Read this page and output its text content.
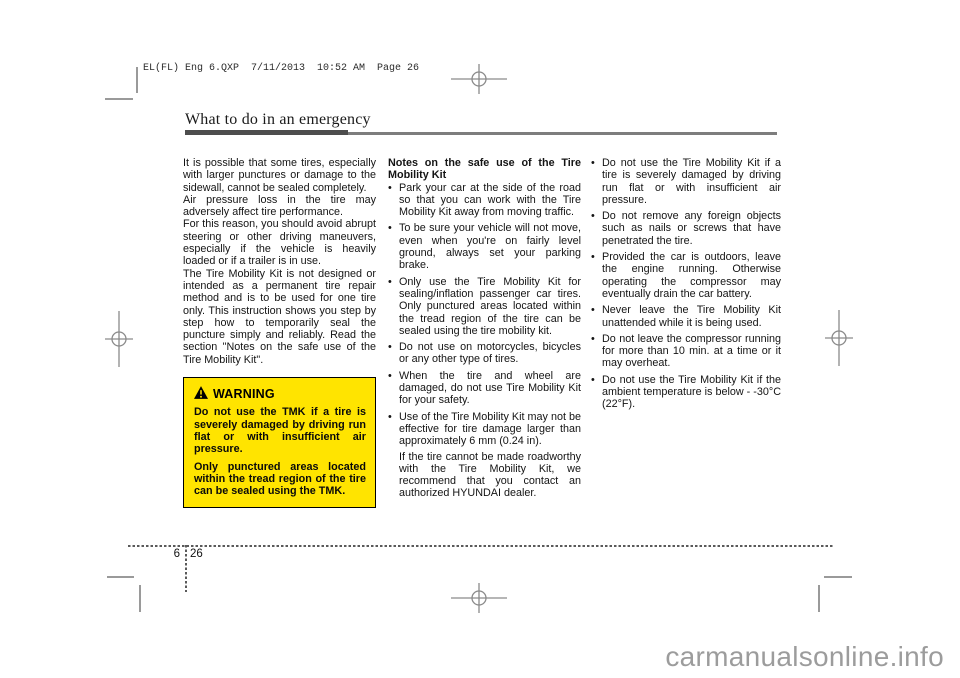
EL(FL) Eng 6.QXP  7/11/2013  10:52 AM  Page 26
What to do in an emergency

It is possible that some tires, especially with larger punctures or damage to the sidewall, cannot be sealed completely.

Air pressure loss in the tire may adversely affect tire performance.

For this reason, you should avoid abrupt steering or other driving maneuvers, especially if the vehicle is heavily loaded or if a trailer is in use.

The Tire Mobility Kit is not designed or intended as a permanent tire repair method and is to be used for one tire only. This instruction shows you step by step how to temporarily seal the puncture simply and reliably. Read the section "Notes on the safe use of the Tire Mobility Kit".

WARNING

Do not use the TMK if a tire is severely damaged by driving run flat or with insufficient air pressure.

Only punctured areas located within the tread region of the tire can be sealed using the TMK.

Notes on the safe use of the Tire Mobility Kit

• Park your car at the side of the road so that you can work with the Tire Mobility Kit away from moving traffic.
• To be sure your vehicle will not move, even when you're on fairly level ground, always set your parking brake.
• Only use the Tire Mobility Kit for sealing/inflation passenger car tires. Only punctured areas located within the tread region of the tire can be sealed using the tire mobility kit.
• Do not use on motorcycles, bicycles or any other type of tires.
• When the tire and wheel are damaged, do not use Tire Mobility Kit for your safety.
• Use of the Tire Mobility Kit may not be effective for tire damage larger than approximately 6 mm (0.24 in).
If the tire cannot be made roadworthy with the Tire Mobility Kit, we recommend that you contact an authorized HYUNDAI dealer.
• Do not use the Tire Mobility Kit if a tire is severely damaged by driving run flat or with insufficient air pressure.
• Do not remove any foreign objects such as nails or screws that have penetrated the tire.
• Provided the car is outdoors, leave the engine running. Otherwise operating the compressor may eventually drain the car battery.
• Never leave the Tire Mobility Kit unattended while it is being used.
• Do not leave the compressor running for more than 10 min. at a time or it may overheat.
• Do not use the Tire Mobility Kit if the ambient temperature is below - -30°C (22°F).
6 26
carmanualsonline.info
